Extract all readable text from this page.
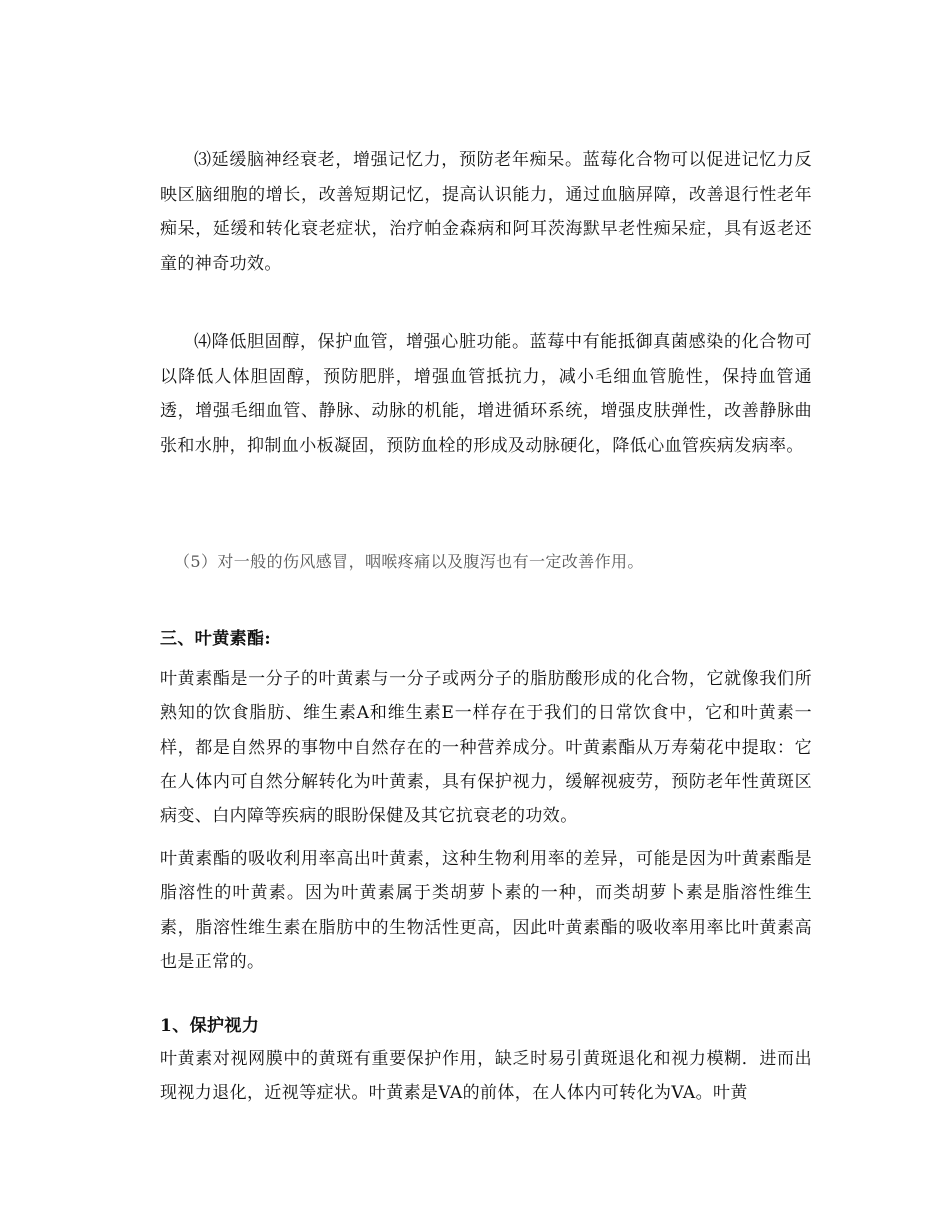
⑶延缓脑神经衰老，增强记忆力，预防老年痴呆。蓝莓化合物可以促进记忆力反映区脑细胞的增长，改善短期记忆，提高认识能力，通过血脑屏障，改善退行性老年痴呆，延缓和转化衰老症状，治疗帕金森病和阿耳茨海默早老性痴呆症，具有返老还童的神奇功效。
⑷降低胆固醇，保护血管，增强心脏功能。蓝莓中有能抵御真菌感染的化合物可以降低人体胆固醇，预防肥胖，增强血管抵抗力，减小毛细血管脆性，保持血管通透，增强毛细血管、静脉、动脉的机能，增进循环系统，增强皮肤弹性，改善静脉曲张和水肿，抑制血小板凝固，预防血栓的形成及动脉硬化，降低心血管疾病发病率。
（5）对一般的伤风感冒，咽喉疼痛以及腹泻也有一定改善作用。
三、叶黄素酯:
叶黄素酯是一分子的叶黄素与一分子或两分子的脂肪酸形成的化合物，它就像我们所熟知的饮食脂肪、维生素A和维生素E一样存在于我们的日常饮食中，它和叶黄素一样，都是自然界的事物中自然存在的一种营养成分。叶黄素酯从万寿菊花中提取：它在人体内可自然分解转化为叶黄素，具有保护视力，缓解视疲劳，预防老年性黄斑区病变、白内障等疾病的眼盼保健及其它抗衰老的功效。
叶黄素酯的吸收利用率高出叶黄素，这种生物利用率的差异，可能是因为叶黄素酯是脂溶性的叶黄素。因为叶黄素属于类胡萝卜素的一种，而类胡萝卜素是脂溶性维生素，脂溶性维生素在脂肪中的生物活性更高，因此叶黄素酯的吸收率用率比叶黄素高也是正常的。
1、保护视力
叶黄素对视网膜中的黄斑有重要保护作用，缺乏时易引黄斑退化和视力模糊．进而出现视力退化，近视等症状。叶黄素是VA的前体，在人体内可转化为VA。叶黄
